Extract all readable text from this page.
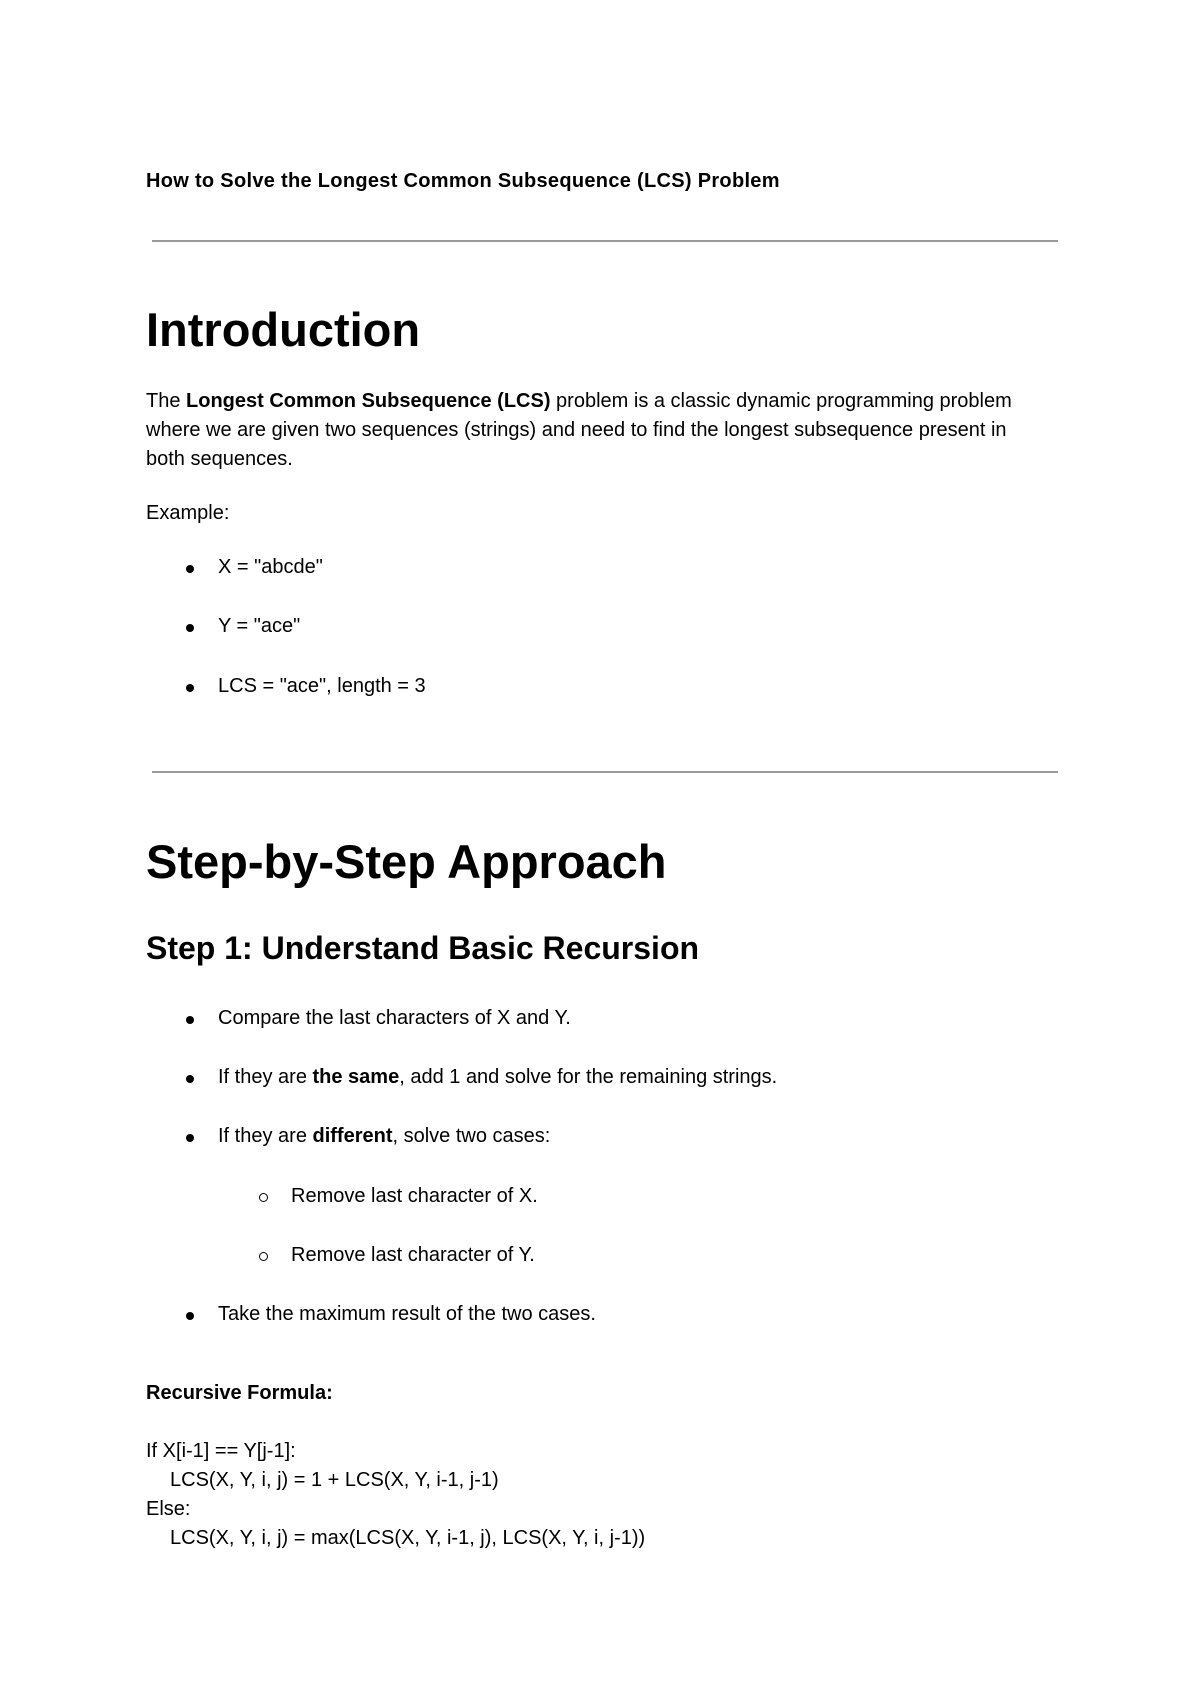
How to Solve the Longest Common Subsequence (LCS) Problem

Introduction

The Longest Common Subsequence (LCS) problem is a classic dynamic programming problem where we are given two sequences (strings) and need to find the longest subsequence present in both sequences.

Example:

X = "abcde"

Y = "ace"

LCS = "ace", length = 3

Step-by-Step Approach
Step 1: Understand Basic Recursion

Compare the last characters of X and Y.

If they are the same, add 1 and solve for the remaining strings.

If they are different, solve two cases:

Remove last character of X.

Remove last character of Y.

Take the maximum result of the two cases.

Recursive Formula:

If X[i-1] == Y[j-1]:

LCS(X, Y, i, j) = 1 + LCS(X, Y, i-1, j-1)

Else:

LCS(X, Y, i, j) = max(LCS(X, Y, i-1, j), LCS(X, Y, i, j-1))
